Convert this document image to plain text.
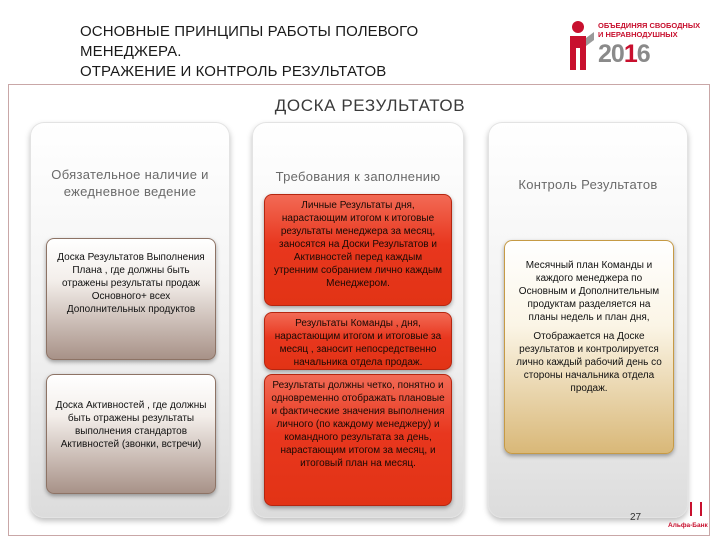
ОСНОВНЫЕ ПРИНЦИПЫ РАБОТЫ ПОЛЕВОГО
МЕНЕДЖЕРА.
ОТРАЖЕНИЕ И КОНТРОЛЬ РЕЗУЛЬТАТОВ
ОБЪЕДИНЯЯ СВОБОДНЫХ
И НЕРАВНОДУШНЫХ
2016
ДОСКА РЕЗУЛЬТАТОВ
Обязательное наличие и
ежедневное ведение

Доска Результатов Выполнения Плана , где должны быть отражены результаты продаж Основного+ всех Дополнительных продуктов

Доска Активностей , где должны быть отражены результаты выполнения стандартов Активностей (звонки, встречи)

Требования к заполнению

Личные Результаты дня, нарастающим итогом к итоговые результаты менеджера за месяц, заносятся на Доски Результатов и Активностей перед каждым утренним собранием лично каждым Менеджером.

Результаты Команды , дня, нарастающим итогом и итоговые за месяц , заносит непосредственно начальника отдела продаж.

Результаты должны четко, понятно и одновременно отображать плановые и фактические значения выполнения личного (по каждому менеджеру) и командного результата за день, нарастающим итогом за месяц, и итоговый план на месяц.

Контроль Результатов

Месячный план Команды и каждого менеджера по Основным и Дополнительным продуктам разделяется на планы недель и план дня,

Отображается на Доске результатов и контролируется лично каждый рабочий день со стороны начальника отдела продаж.

27
Альфа-Банк
